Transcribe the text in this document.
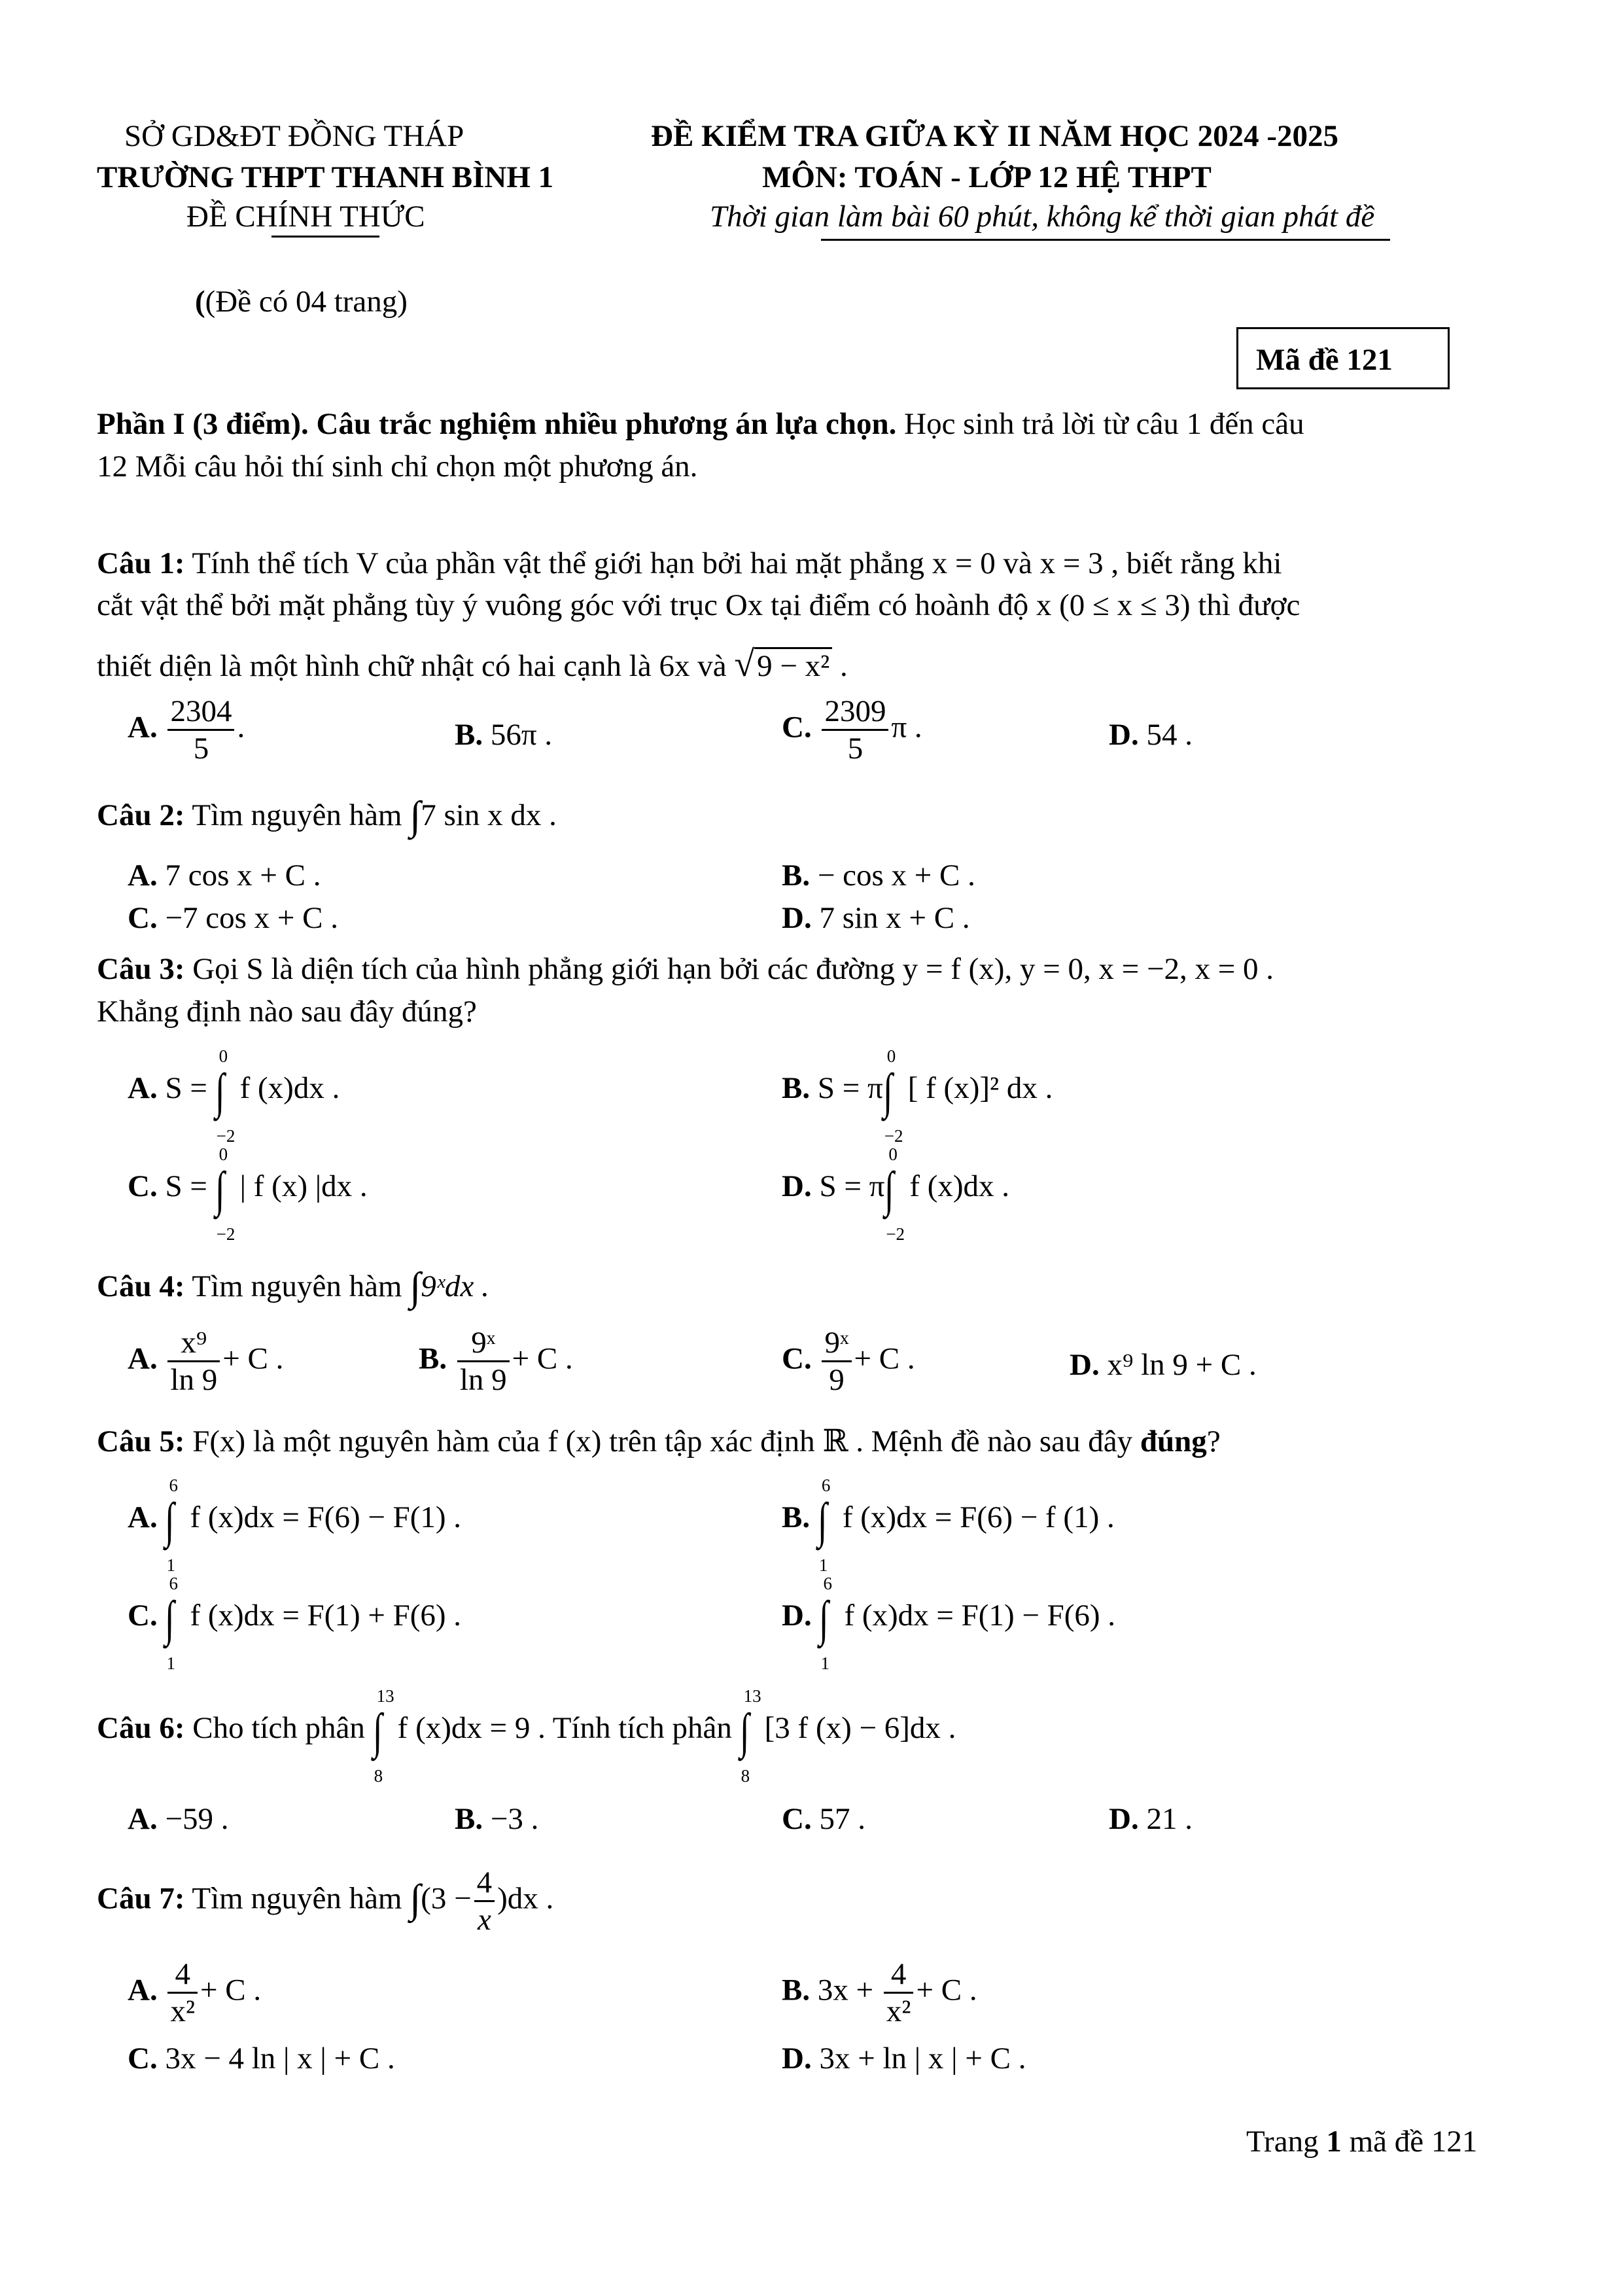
SỞ GD&ĐT ĐỒNG THÁP
TRƯỜNG THPT THANH BÌNH 1
ĐỀ CHÍNH THỨC
ĐỀ KIỂM TRA GIỮA KỲ II NĂM HỌC 2024 -2025
MÔN: TOÁN - LỚP 12 HỆ THPT
Thời gian làm bài 60 phút, không kể thời gian phát đề
((Đề có 04 trang)
Mã đề 121
Phần I (3 điểm). Câu trắc nghiệm nhiều phương án lựa chọn. Học sinh trả lời từ câu 1 đến câu
12 Mỗi câu hỏi thí sinh chỉ chọn một phương án.
Câu 1: Tính thể tích V của phần vật thể giới hạn bởi hai mặt phẳng x = 0 và x = 3 , biết rằng khi
cắt vật thể bởi mặt phẳng tùy ý vuông góc với trục Ox tại điểm có hoành độ x (0 ≤ x ≤ 3) thì được
thiết diện là một hình chữ nhật có hai cạnh là 6x và √9 − x² .
A. $\frac{2304}{5}$ .	B. 56π .	C. $\frac{2309}{5}$ π .	D. 54 .
Câu 2: Tìm nguyên hàm ∫7 sin x dx .
A. 7 cos x + C .	B. − cos x + C .
C. −7 cos x + C .	D. 7 sin x + C .
Câu 3: Gọi S là diện tích của hình phẳng giới hạn bởi các đường y = f (x), y = 0, x = −2, x = 0 .
Khẳng định nào sau đây đúng?
A. S =
0
∫
−2
f (x)dx .	B. S = π
0
∫
−2
[ f (x)]² dx .
C. S =
0
∫
−2
| f (x) |dx .	D. S = π
0
∫
−2
f (x)dx .
Câu 4: Tìm nguyên hàm ∫9ˣdx .
A. $\frac{\text{x⁹}}{\ln 9} + C$ .	B. $\frac{\text{9ˣ}}{\ln 9} + C$ .	C. $\frac{\text{9ˣ}}{9} + C$ .	D. x⁹ ln 9 + C .
Câu 5: F(x) là một nguyên hàm của f (x) trên tập xác định ℝ . Mệnh đề nào sau đây đúng?
A.
6
∫
1
f (x)dx = F(6) − F(1) .	B.
6
∫
1
f (x)dx = F(6) − f (1) .
C.
6
∫
1
f (x)dx = F(1) + F(6) .	D.
6
∫
1
f (x)dx = F(1) − F(6) .
Câu 6: Cho tích phân
13
∫
8
f (x)dx = 9 . Tính tích phân
13
∫
8
[3 f (x) − 6]dx .
A. −59 .	B. −3 .	C. 57 .	D. 21 .
Câu 7: Tìm nguyên hàm $\int(3 - \frac{4}{x} )dx$ .
A. $\frac{4}{\text{x²}} + C$ .	B. $3x + \frac{4}{\text{x²}} + C$ .
C. 3x − 4 ln | x | + C .	D. 3x + ln | x | + C .
Trang 1 mã đề 121
